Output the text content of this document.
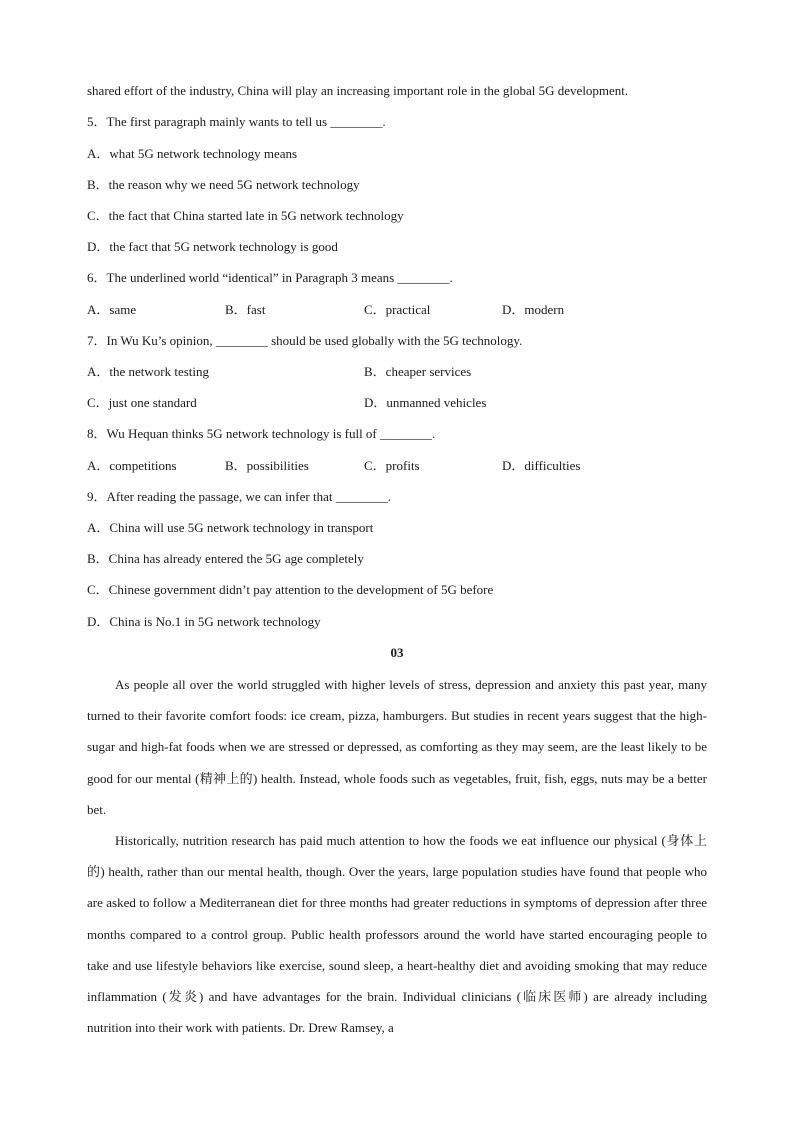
shared effort of the industry, China will play an increasing important role in the global 5G development.
5．The first paragraph mainly wants to tell us ________.
A．what 5G network technology means
B．the reason why we need 5G network technology
C．the fact that China started late in 5G network technology
D．the fact that 5G network technology is good
6．The underlined world “identical” in Paragraph 3 means ________.
A．same	B．fast	C．practical	D．modern
7．In Wu Ku’s opinion, ________ should be used globally with the 5G technology.
A．the network testing	B．cheaper services
C．just one standard	D．unmanned vehicles
8．Wu Hequan thinks 5G network technology is full of ________.
A．competitions	B．possibilities	C．profits	D．difficulties
9．After reading the passage, we can infer that ________.
A．China will use 5G network technology in transport
B．China has already entered the 5G age completely
C．Chinese government didn’t pay attention to the development of 5G before
D．China is No.1 in 5G network technology
03

As people all over the world struggled with higher levels of stress, depression and anxiety this past year, many turned to their favorite comfort foods: ice cream, pizza, hamburgers. But studies in recent years suggest that the high-sugar and high-fat foods when we are stressed or depressed, as comforting as they may seem, are the least likely to be good for our mental (精神上的) health. Instead, whole foods such as vegetables, fruit, fish, eggs, nuts may be a better bet.

Historically, nutrition research has paid much attention to how the foods we eat influence our physical (身体上的) health, rather than our mental health, though. Over the years, large population studies have found that people who are asked to follow a Mediterranean diet for three months had greater reductions in symptoms of depression after three months compared to a control group. Public health professors around the world have started encouraging people to take and use lifestyle behaviors like exercise, sound sleep, a heart-healthy diet and avoiding smoking that may reduce inflammation (发炎) and have advantages for the brain. Individual clinicians (临床医师) are already including nutrition into their work with patients. Dr. Drew Ramsey, a
